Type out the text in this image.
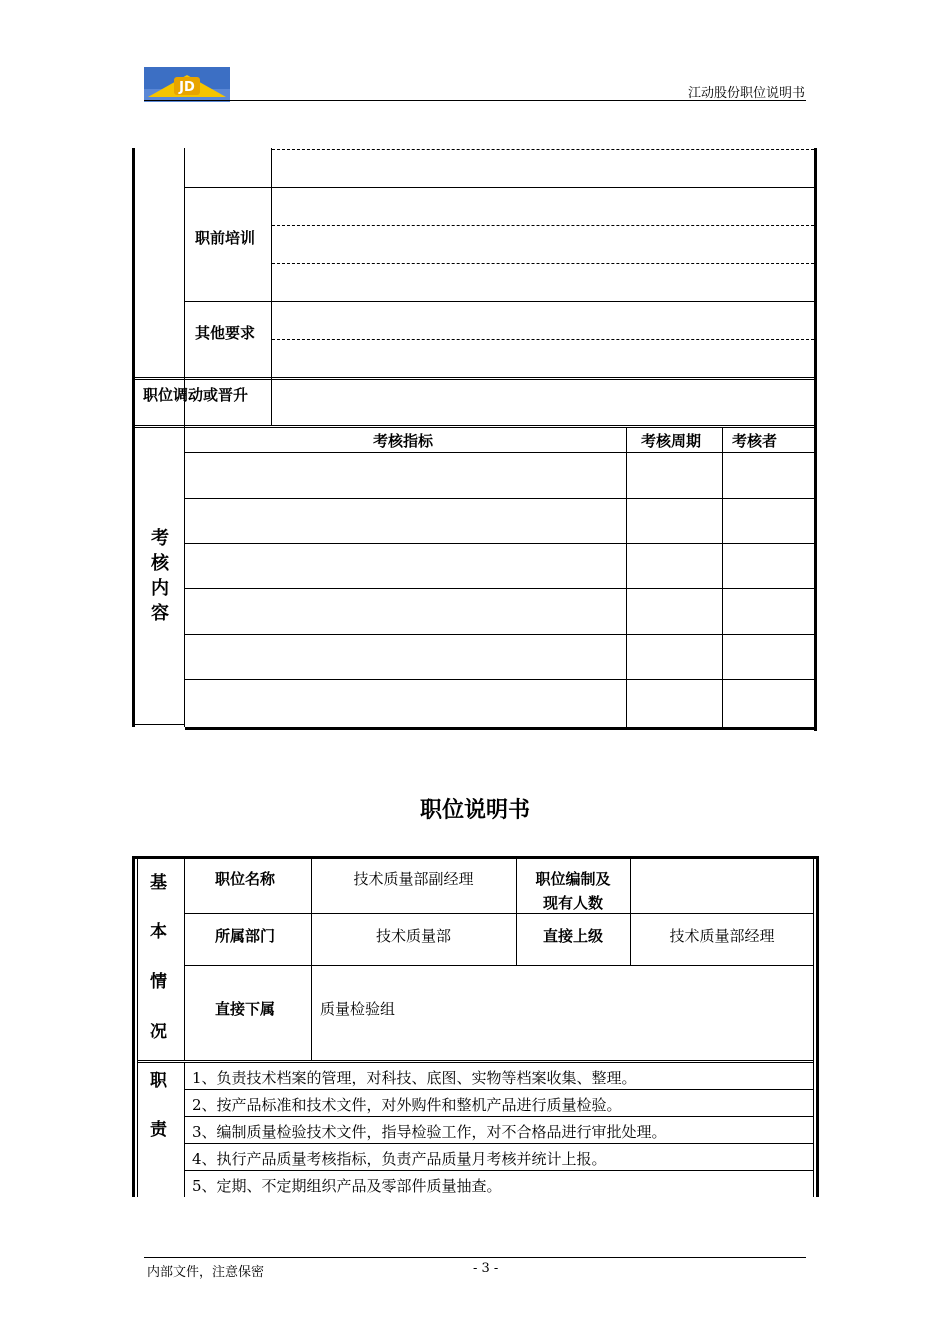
JD	江动股份职位说明书
职前培训
其他要求
职位调动或晋升
考核指标	考核周期 考核者
考
核
内
容
职位说明书
基
本
情
况
职位名称	技术质量部副经理	职位编制及
现有人数
所属部门	技术质量部	直接上级	技术质量部经理
直接下属	质量检验组
职
责
1、负责技术档案的管理，对科技、底图、实物等档案收集、整理。
2、按产品标准和技术文件，对外购件和整机产品进行质量检验。
3、编制质量检验技术文件，指导检验工作，对不合格品进行审批处理。
4、执行产品质量考核指标，负责产品质量月考核并统计上报。
5、定期、不定期组织产品及零部件质量抽查。
内部文件，注意保密	- 3 -
